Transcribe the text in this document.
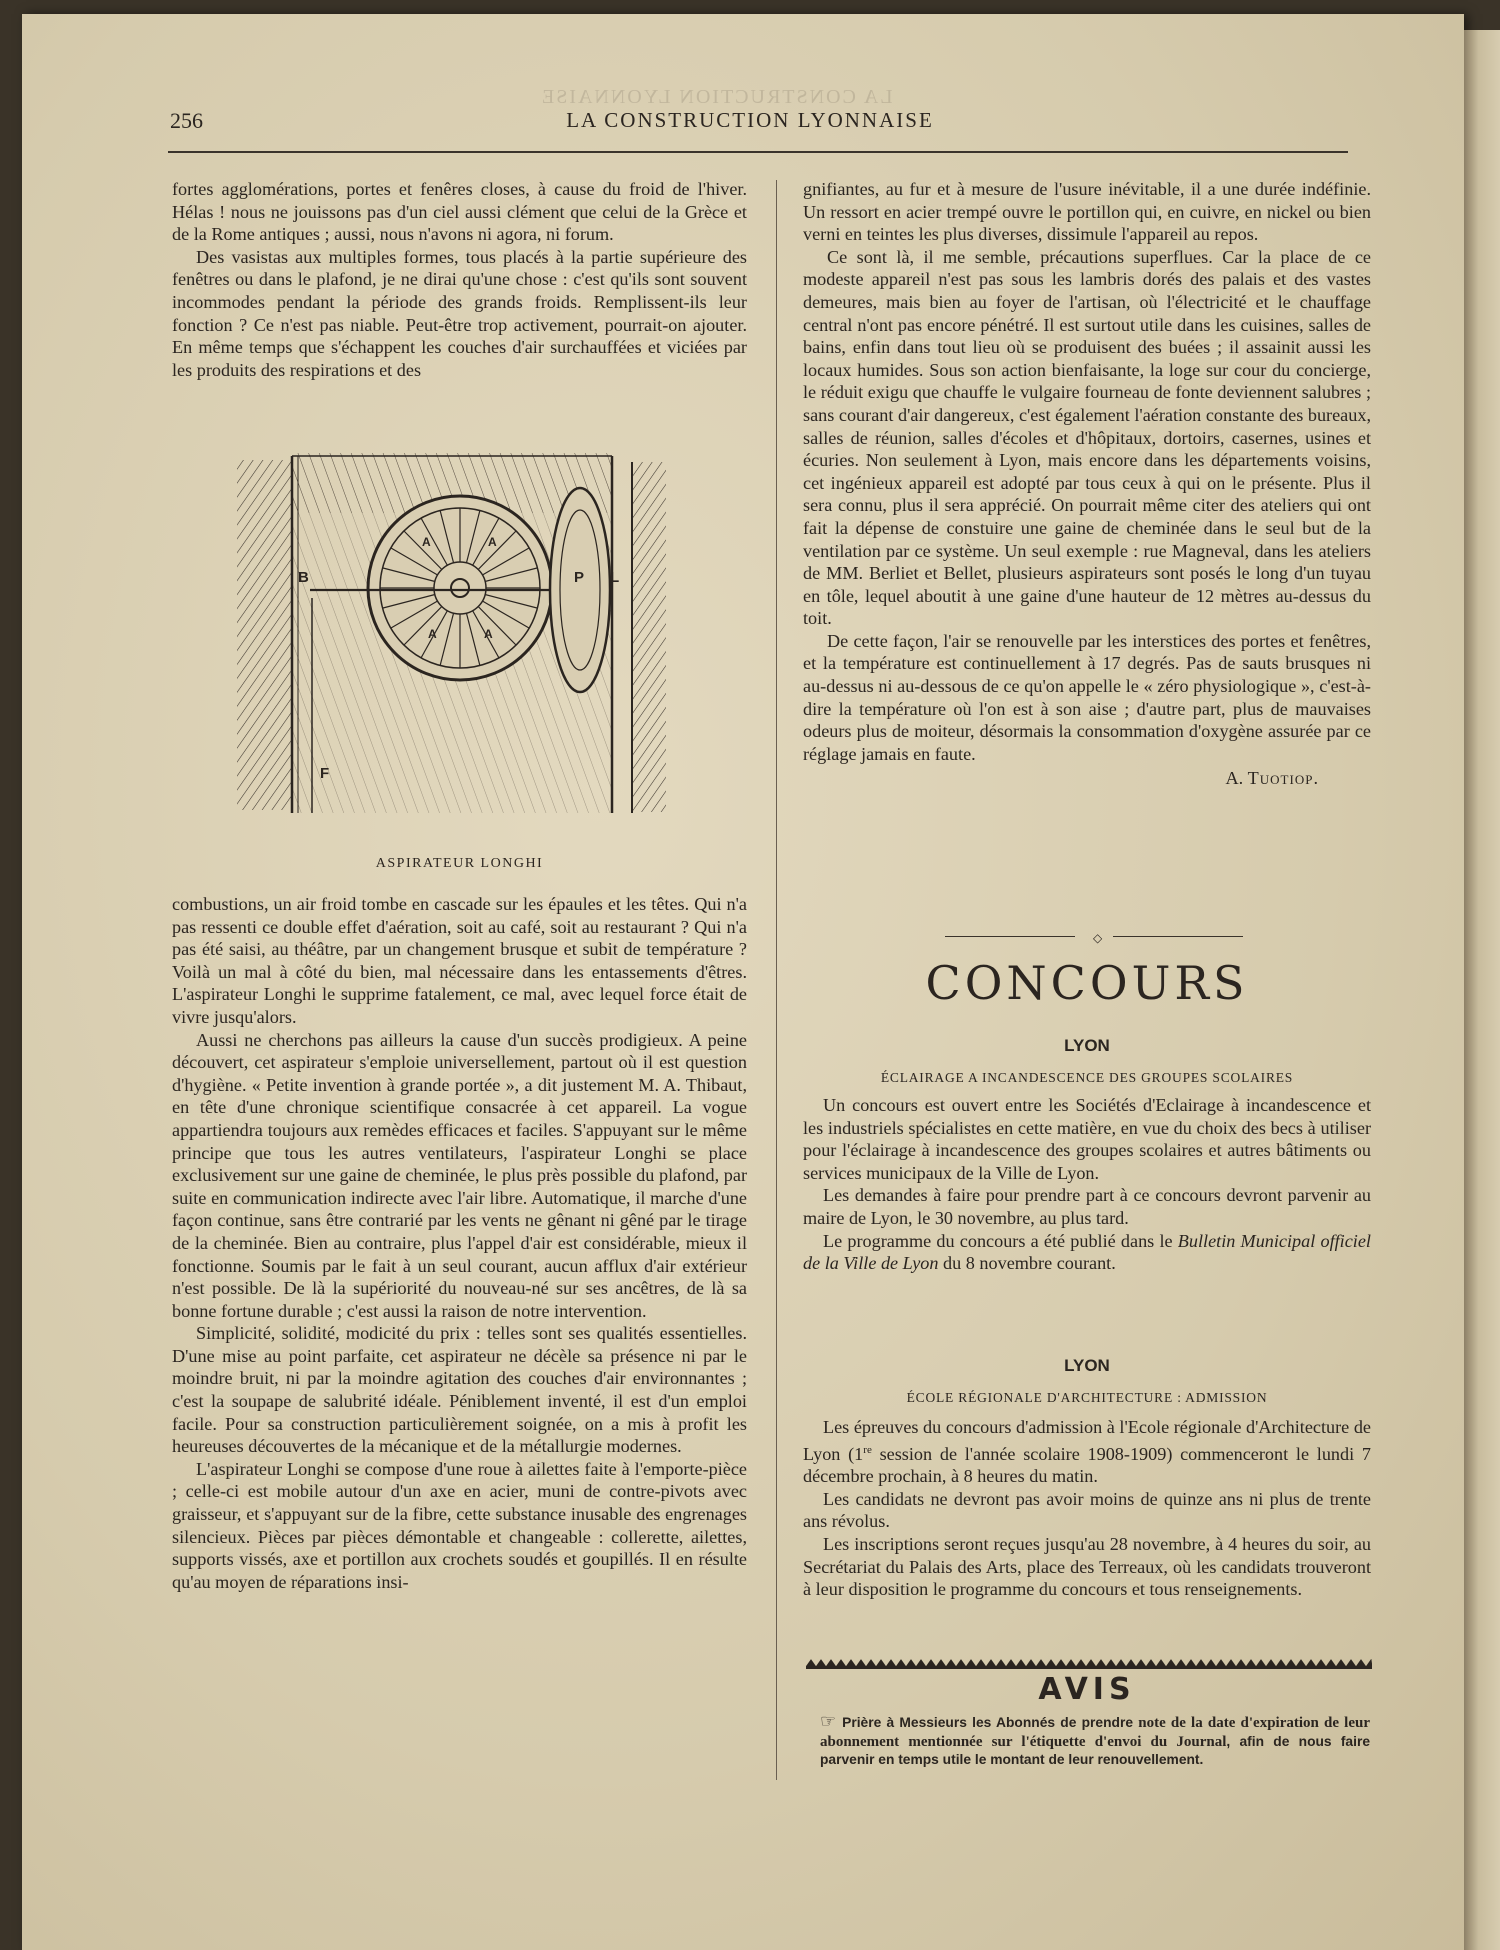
256	LA CONSTRUCTION LYONNAISE
LA CONSTRUCTION LYONNAISE

fortes agglomérations, portes et fenêres closes, à cause du froid de l'hiver. Hélas ! nous ne jouissons pas d'un ciel aussi clément que celui de la Grèce et de la Rome antiques ; aussi, nous n'avons ni agora, ni forum.

Des vasistas aux multiples formes, tous placés à la partie supérieure des fenêtres ou dans le plafond, je ne dirai qu'une chose : c'est qu'ils sont souvent incommodes pendant la période des grands froids. Remplissent-ils leur fonction ? Ce n'est pas niable. Peut-être trop activement, pourrait-on ajouter. En même temps que s'échappent les couches d'air surchauffées et viciées par les produits des respirations et des

B	P L
F
A	A
A	A
ASPIRATEUR LONGHI

combustions, un air froid tombe en cascade sur les épaules et les têtes. Qui n'a pas ressenti ce double effet d'aération, soit au café, soit au restaurant ? Qui n'a pas été saisi, au théâtre, par un changement brusque et subit de température ? Voilà un mal à côté du bien, mal nécessaire dans les entassements d'êtres. L'aspirateur Longhi le supprime fatalement, ce mal, avec lequel force était de vivre jusqu'alors.

Aussi ne cherchons pas ailleurs la cause d'un succès prodigieux. A peine découvert, cet aspirateur s'emploie universellement, partout où il est question d'hygiène. « Petite invention à grande portée », a dit justement M. A. Thibaut, en tête d'une chronique scientifique consacrée à cet appareil. La vogue appartiendra toujours aux remèdes efficaces et faciles. S'appuyant sur le même principe que tous les autres ventilateurs, l'aspirateur Longhi se place exclusivement sur une gaine de cheminée, le plus près possible du plafond, par suite en communication indirecte avec l'air libre. Automatique, il marche d'une façon continue, sans être contrarié par les vents ne gênant ni gêné par le tirage de la cheminée. Bien au contraire, plus l'appel d'air est considérable, mieux il fonctionne. Soumis par le fait à un seul courant, aucun afflux d'air extérieur n'est possible. De là la supériorité du nouveau-né sur ses ancêtres, de là sa bonne fortune durable ; c'est aussi la raison de notre intervention.

Simplicité, solidité, modicité du prix : telles sont ses qualités essentielles. D'une mise au point parfaite, cet aspirateur ne décèle sa présence ni par le moindre bruit, ni par la moindre agitation des couches d'air environnantes ; c'est la soupape de salubrité idéale. Péniblement inventé, il est d'un emploi facile. Pour sa construction particulièrement soignée, on a mis à profit les heureuses découvertes de la mécanique et de la métallurgie modernes.

L'aspirateur Longhi se compose d'une roue à ailettes faite à l'emporte-pièce ; celle-ci est mobile autour d'un axe en acier, muni de contre-pivots avec graisseur, et s'appuyant sur de la fibre, cette substance inusable des engrenages silencieux. Pièces par pièces démontable et changeable : collerette, ailettes, supports vissés, axe et portillon aux crochets soudés et goupillés. Il en résulte qu'au moyen de réparations insi-

gnifiantes, au fur et à mesure de l'usure inévitable, il a une durée indéfinie. Un ressort en acier trempé ouvre le portillon qui, en cuivre, en nickel ou bien verni en teintes les plus diverses, dissimule l'appareil au repos.

Ce sont là, il me semble, précautions superflues. Car la place de ce modeste appareil n'est pas sous les lambris dorés des palais et des vastes demeures, mais bien au foyer de l'artisan, où l'électricité et le chauffage central n'ont pas encore pénétré. Il est surtout utile dans les cuisines, salles de bains, enfin dans tout lieu où se produisent des buées ; il assainit aussi les locaux humides. Sous son action bienfaisante, la loge sur cour du concierge, le réduit exigu que chauffe le vulgaire fourneau de fonte deviennent salubres ; sans courant d'air dangereux, c'est également l'aération constante des bureaux, salles de réunion, salles d'écoles et d'hôpitaux, dortoirs, casernes, usines et écuries. Non seulement à Lyon, mais encore dans les départements voisins, cet ingénieux appareil est adopté par tous ceux à qui on le présente. Plus il sera connu, plus il sera apprécié. On pourrait même citer des ateliers qui ont fait la dépense de constuire une gaine de cheminée dans le seul but de la ventilation par ce système. Un seul exemple : rue Magneval, dans les ateliers de MM. Berliet et Bellet, plusieurs aspirateurs sont posés le long d'un tuyau en tôle, lequel aboutit à une gaine d'une hauteur de 12 mètres au-dessus du toit.

De cette façon, l'air se renouvelle par les interstices des portes et fenêtres, et la température est continuellement à 17 degrés. Pas de sauts brusques ni au-dessus ni au-dessous de ce qu'on appelle le « zéro physiologique », c'est-à-dire la température où l'on est à son aise ; d'autre part, plus de mauvaises odeurs plus de moiteur, désormais la consommation d'oxygène assurée par ce réglage jamais en faute.

A. Tuotiop.
◇
CONCOURS
LYON
ÉCLAIRAGE A INCANDESCENCE DES GROUPES SCOLAIRES

Un concours est ouvert entre les Sociétés d'Eclairage à incandescence et les industriels spécialistes en cette matière, en vue du choix des becs à utiliser pour l'éclairage à incandescence des groupes scolaires et autres bâtiments ou services municipaux de la Ville de Lyon.

Les demandes à faire pour prendre part à ce concours devront parvenir au maire de Lyon, le 30 novembre, au plus tard.

Le programme du concours a été publié dans le Bulletin Municipal officiel de la Ville de Lyon du 8 novembre courant.

LYON
ÉCOLE RÉGIONALE D'ARCHITECTURE : ADMISSION

Les épreuves du concours d'admission à l'Ecole régionale d'Architecture de Lyon (1re session de l'année scolaire 1908-1909) commenceront le lundi 7 décembre prochain, à 8 heures du matin.

Les candidats ne devront pas avoir moins de quinze ans ni plus de trente ans révolus.

Les inscriptions seront reçues jusqu'au 28 novembre, à 4 heures du soir, au Secrétariat du Palais des Arts, place des Terreaux, où les candidats trouveront à leur disposition le programme du concours et tous renseignements.

AVIS
☞ Prière à Messieurs les Abonnés de prendre note de la date d'expiration de leur abonnement mentionnée sur l'étiquette d'envoi du Journal, afin de nous faire parvenir en temps utile le montant de leur renouvellement.
